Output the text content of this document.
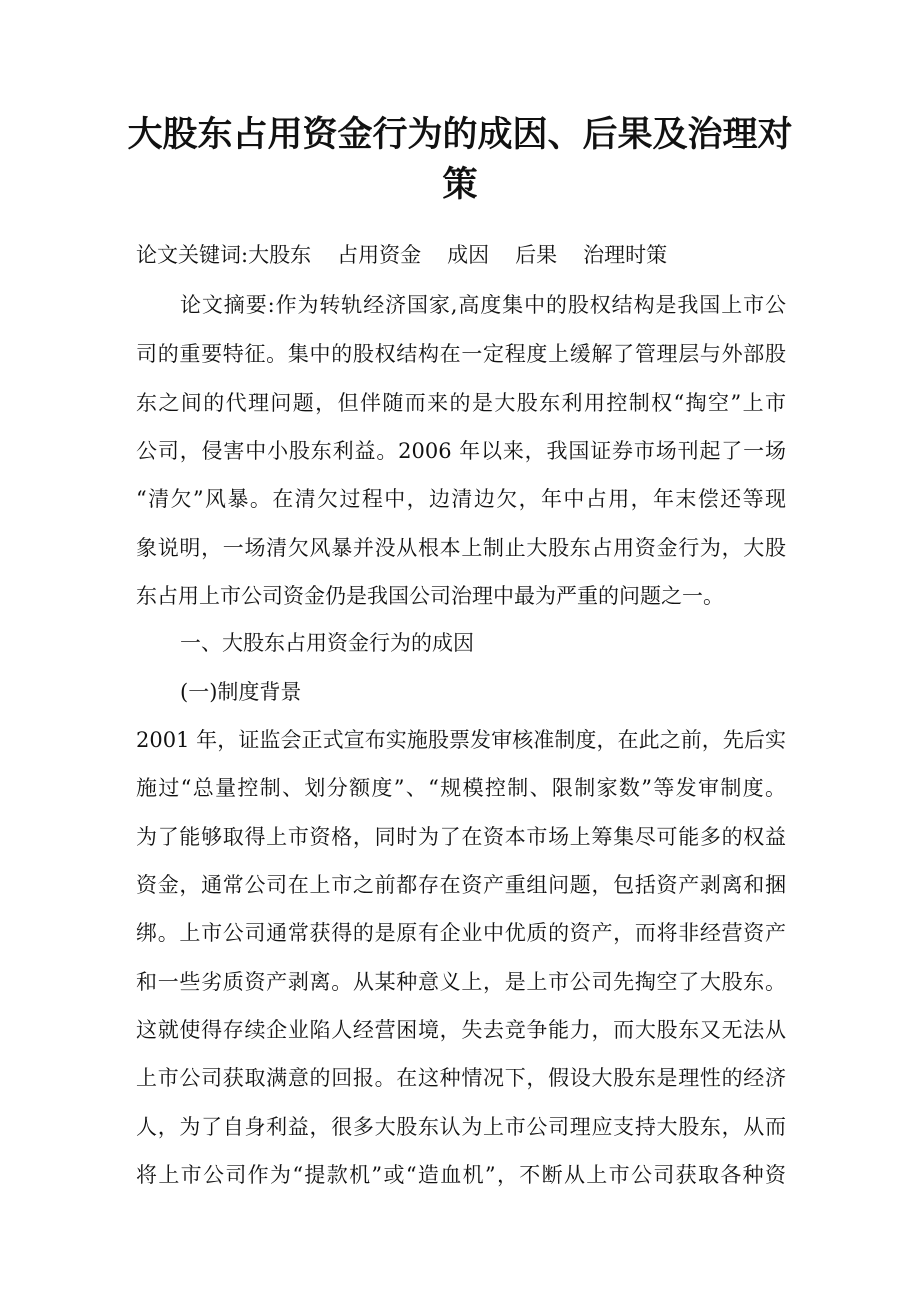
大股东占用资金行为的成因、后果及治理对
策

论文关键词:大股东 占用资金 成因 后果 治理时策

论文摘要:作为转轨经济国家,高度集中的股权结构是我国上市公

司的重要特征。集中的股权结构在一定程度上缓解了管理层与外部股

东之间的代理问题，但伴随而来的是大股东利用控制权“掏空”上市

公司，侵害中小股东利益。2006 年以来，我国证券市场刊起了一场

“清欠”风暴。在清欠过程中，边清边欠，年中占用，年末偿还等现

象说明，一场清欠风暴并没从根本上制止大股东占用资金行为，大股

东占用上市公司资金仍是我国公司治理中最为严重的问题之一。

一、大股东占用资金行为的成因

(一)制度背景

2001 年，证监会正式宣布实施股票发审核准制度，在此之前，先后实

施过“总量控制、划分额度”、“规模控制、限制家数”等发审制度。

为了能够取得上市资格，同时为了在资本市场上筹集尽可能多的权益

资金，通常公司在上市之前都存在资产重组问题，包括资产剥离和捆

绑。上市公司通常获得的是原有企业中优质的资产，而将非经营资产

和一些劣质资产剥离。从某种意义上，是上市公司先掏空了大股东。

这就使得存续企业陷人经营困境，失去竞争能力，而大股东又无法从

上市公司获取满意的回报。在这种情况下，假设大股东是理性的经济

人，为了自身利益，很多大股东认为上市公司理应支持大股东，从而

将上市公司作为“提款机”或“造血机”，不断从上市公司获取各种资
